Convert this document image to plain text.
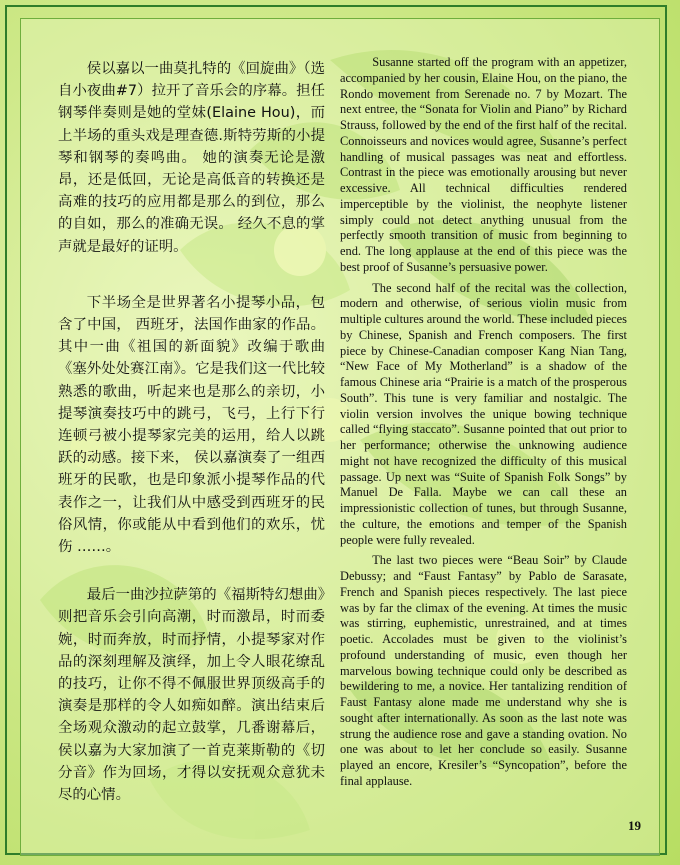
侯以嘉以一曲莫扎特的《回旋曲》（选自小夜曲#7）拉开了音乐会的序幕。担任钢琴伴奏则是她的堂妹(Elaine Hou)，而上半场的重头戏是理查德.斯特劳斯的小提琴和钢琴的奏鸣曲。 她的演奏无论是激昂，还是低回，无论是高低音的转换还是高难的技巧的应用都是那么的到位，那么的自如，那么的准确无误。 经久不息的掌声就是最好的证明。

下半场全是世界著名小提琴小品，包含了中国， 西班牙，法国作曲家的作品。其中一曲《祖国的新面貌》改编于歌曲《塞外处处赛江南》。它是我们这一代比较熟悉的歌曲，听起来也是那么的亲切，小提琴演奏技巧中的跳弓，飞弓，上行下行连顿弓被小提琴家完美的运用，给人以跳跃的动感。接下来， 侯以嘉演奏了一组西班牙的民歌，也是印象派小提琴作品的代表作之一，让我们从中感受到西班牙的民俗风情，你或能从中看到他们的欢乐，忧伤 ……。

最后一曲沙拉萨第的《福斯特幻想曲》则把音乐会引向高潮，时而激昂，时而委婉，时而奔放，时而抒情，小提琴家对作品的深刻理解及演绎，加上令人眼花缭乱的技巧，让你不得不佩服世界顶级高手的演奏是那样的令人如痴如醉。演出结束后全场观众激动的起立鼓掌，几番谢幕后，侯以嘉为大家加演了一首克莱斯勒的《切分音》作为回场，才得以安抚观众意犹未尽的心情。

Susanne started off the program with an appetizer, accompanied by her cousin, Elaine Hou, on the piano, the Rondo movement from Serenade no. 7 by Mozart. The next entree, the “Sonata for Violin and Piano” by Richard Strauss, followed by the end of the first half of the recital. Connoisseurs and novices would agree, Susanne’s perfect handling of musical passages was neat and effortless. Contrast in the piece was emotionally arousing but never excessive. All technical difficulties rendered imperceptible by the violinist, the neophyte listener simply could not detect anything unusual from the perfectly smooth transition of music from beginning to end. The long applause at the end of this piece was the best proof of Susanne’s persuasive power.

The second half of the recital was the collection, modern and otherwise, of serious violin music from multiple cultures around the world. These included pieces by Chinese, Spanish and French composers. The first piece by Chinese-Canadian composer Kang Nian Tang, “New Face of My Motherland” is a shadow of the famous Chinese aria “Prairie is a match of the prosperous South”. This tune is very familiar and nostalgic. The violin version involves the unique bowing technique called “flying staccato”. Susanne pointed that out prior to her performance; otherwise the unknowing audience might not have recognized the difficulty of this musical passage. Up next was “Suite of Spanish Folk Songs” by Manuel De Falla. Maybe we can call these an impressionistic collection of tunes, but through Susanne, the culture, the emotions and temper of the Spanish people were fully revealed.

The last two pieces were “Beau Soir” by Claude Debussy; and “Faust Fantasy” by Pablo de Sarasate, French and Spanish pieces respectively. The last piece was by far the climax of the evening. At times the music was stirring, euphemistic, unrestrained, and at times poetic. Accolades must be given to the violinist’s profound understanding of music, even though her marvelous bowing technique could only be described as bewildering to me, a novice. Her tantalizing rendition of Faust Fantasy alone made me understand why she is sought after internationally. As soon as the last note was strung the audience rose and gave a standing ovation. No one was about to let her conclude so easily. Susanne played an encore, Kresiler’s “Syncopation”, before the final applause.

19
